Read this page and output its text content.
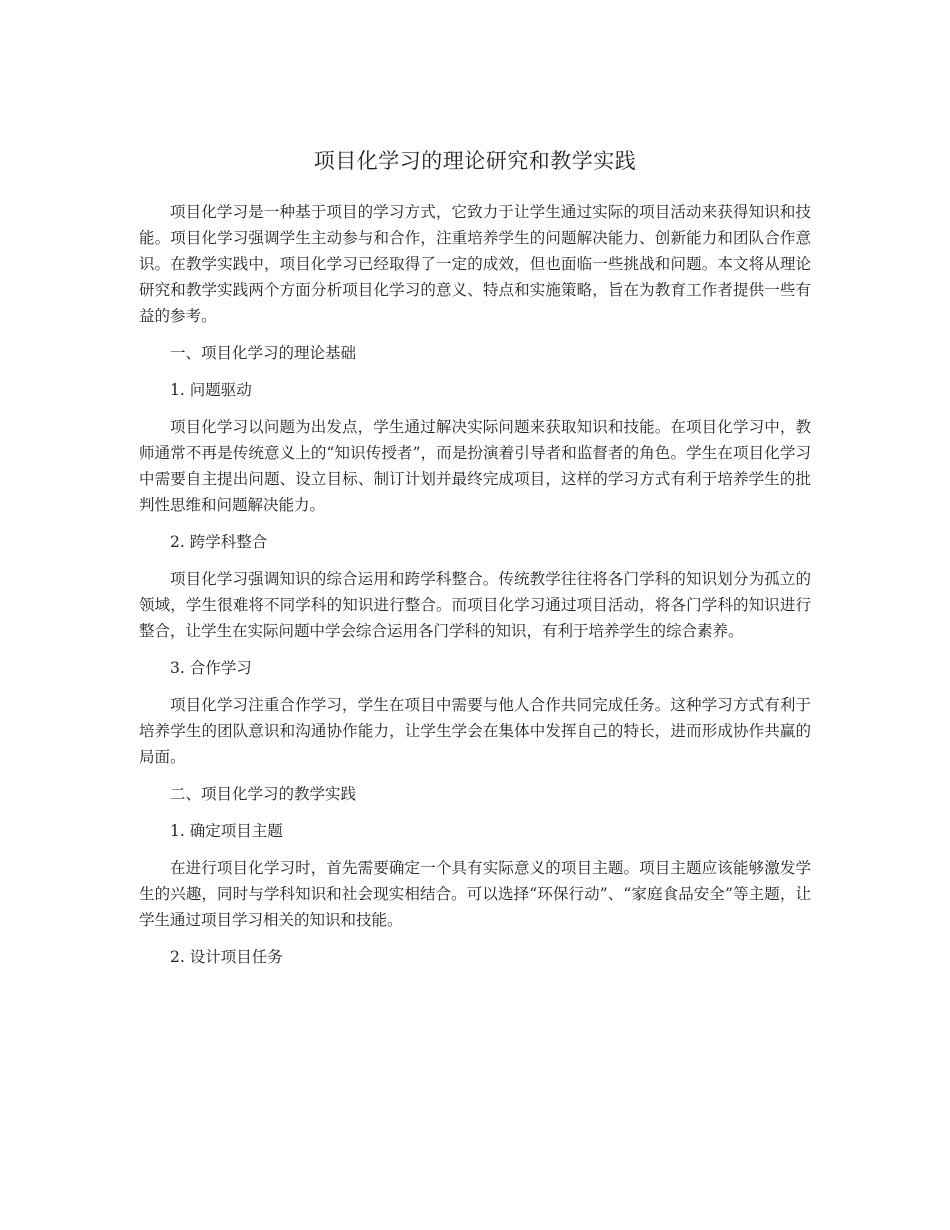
项目化学习的理论研究和教学实践

项目化学习是一种基于项目的学习方式，它致力于让学生通过实际的项目活动来获得知识和技能。项目化学习强调学生主动参与和合作，注重培养学生的问题解决能力、创新能力和团队合作意识。在教学实践中，项目化学习已经取得了一定的成效，但也面临一些挑战和问题。本文将从理论研究和教学实践两个方面分析项目化学习的意义、特点和实施策略，旨在为教育工作者提供一些有益的参考。

一、项目化学习的理论基础

1. 问题驱动

项目化学习以问题为出发点，学生通过解决实际问题来获取知识和技能。在项目化学习中，教师通常不再是传统意义上的“知识传授者”，而是扮演着引导者和监督者的角色。学生在项目化学习中需要自主提出问题、设立目标、制订计划并最终完成项目，这样的学习方式有利于培养学生的批判性思维和问题解决能力。

2. 跨学科整合

项目化学习强调知识的综合运用和跨学科整合。传统教学往往将各门学科的知识划分为孤立的领域，学生很难将不同学科的知识进行整合。而项目化学习通过项目活动，将各门学科的知识进行整合，让学生在实际问题中学会综合运用各门学科的知识，有利于培养学生的综合素养。

3. 合作学习

项目化学习注重合作学习，学生在项目中需要与他人合作共同完成任务。这种学习方式有利于培养学生的团队意识和沟通协作能力，让学生学会在集体中发挥自己的特长，进而形成协作共赢的局面。

二、项目化学习的教学实践

1. 确定项目主题

在进行项目化学习时，首先需要确定一个具有实际意义的项目主题。项目主题应该能够激发学生的兴趣，同时与学科知识和社会现实相结合。可以选择“环保行动”、“家庭食品安全”等主题，让学生通过项目学习相关的知识和技能。

2. 设计项目任务
